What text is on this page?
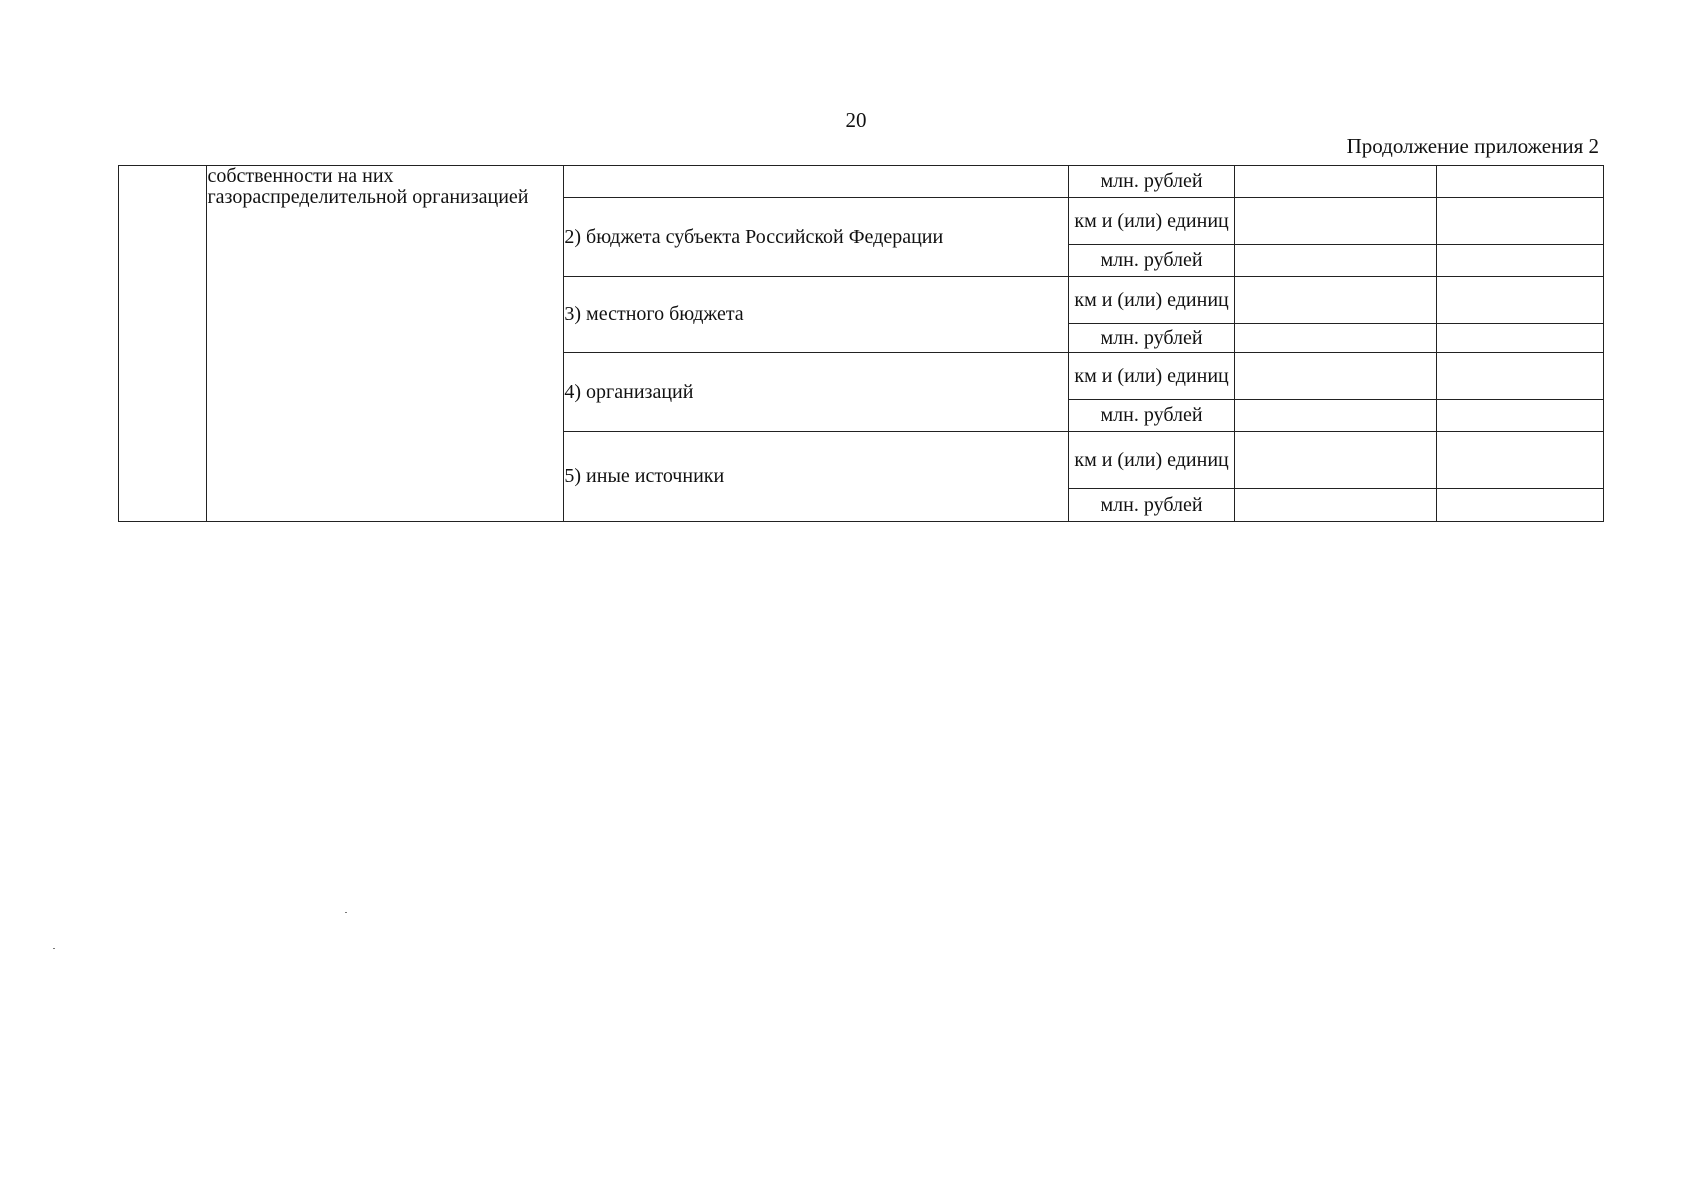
20
Продолжение приложения 2
	собственности на них газораспределительной организацией		млн. рублей		
		2) бюджета субъекта Российской Федерации	км и (или) единиц		
			млн. рублей		
		3) местного бюджета	км и (или) единиц		
			млн. рублей		
		4) организаций	км и (или) единиц		
			млн. рублей		
		5) иные источники	км и (или) единиц		
			млн. рублей		
